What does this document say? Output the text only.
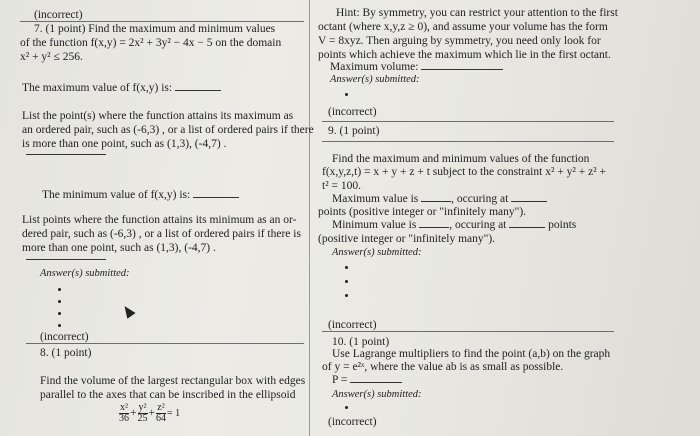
(incorrect)
7. (1 point) Find the maximum and minimum values
of the function f(x,y) = 2x² + 3y² − 4x − 5 on the domain
x² + y² ≤ 256.
The maximum value of f(x,y) is:
List the point(s) where the function attains its maximum as
an ordered pair, such as (-6,3) , or a list of ordered pairs if there
is more than one point, such as (1,3), (-4,7) .
The minimum value of f(x,y) is:
List points where the function attains its minimum as an or-
dered pair, such as (-6,3) , or a list of ordered pairs if there is
more than one point, such as (1,3), (-4,7) .
Answer(s) submitted:
(incorrect)
8. (1 point)
Find the volume of the largest rectangular box with edges
parallel to the axes that can be inscribed in the ellipsoid
$\frac{\text{x²}}{36} + \frac{\text{y²}}{25} + \frac{\text{z²}}{64} = 1$
Hint: By symmetry, you can restrict your attention to the first
octant (where x,y,z ≥ 0), and assume your volume has the form
V = 8xyz. Then arguing by symmetry, you need only look for
points which achieve the maximum which lie in the first octant.
Maximum volume:
Answer(s) submitted:
(incorrect)
9. (1 point)
Find the maximum and minimum values of the function
f(x,y,z,t) = x + y + z + t subject to the constraint x² + y² + z² +
t² = 100.
Maximum value is	, occuring at
points (positive integer or "infinitely many").
Minimum value is	, occuring at	points
(positive integer or "infinitely many").
Answer(s) submitted:
(incorrect)
10. (1 point)
Use Lagrange multipliers to find the point (a,b) on the graph
of y = e²ˣ, where the value ab is as small as possible.
P =
Answer(s) submitted:
(incorrect)
